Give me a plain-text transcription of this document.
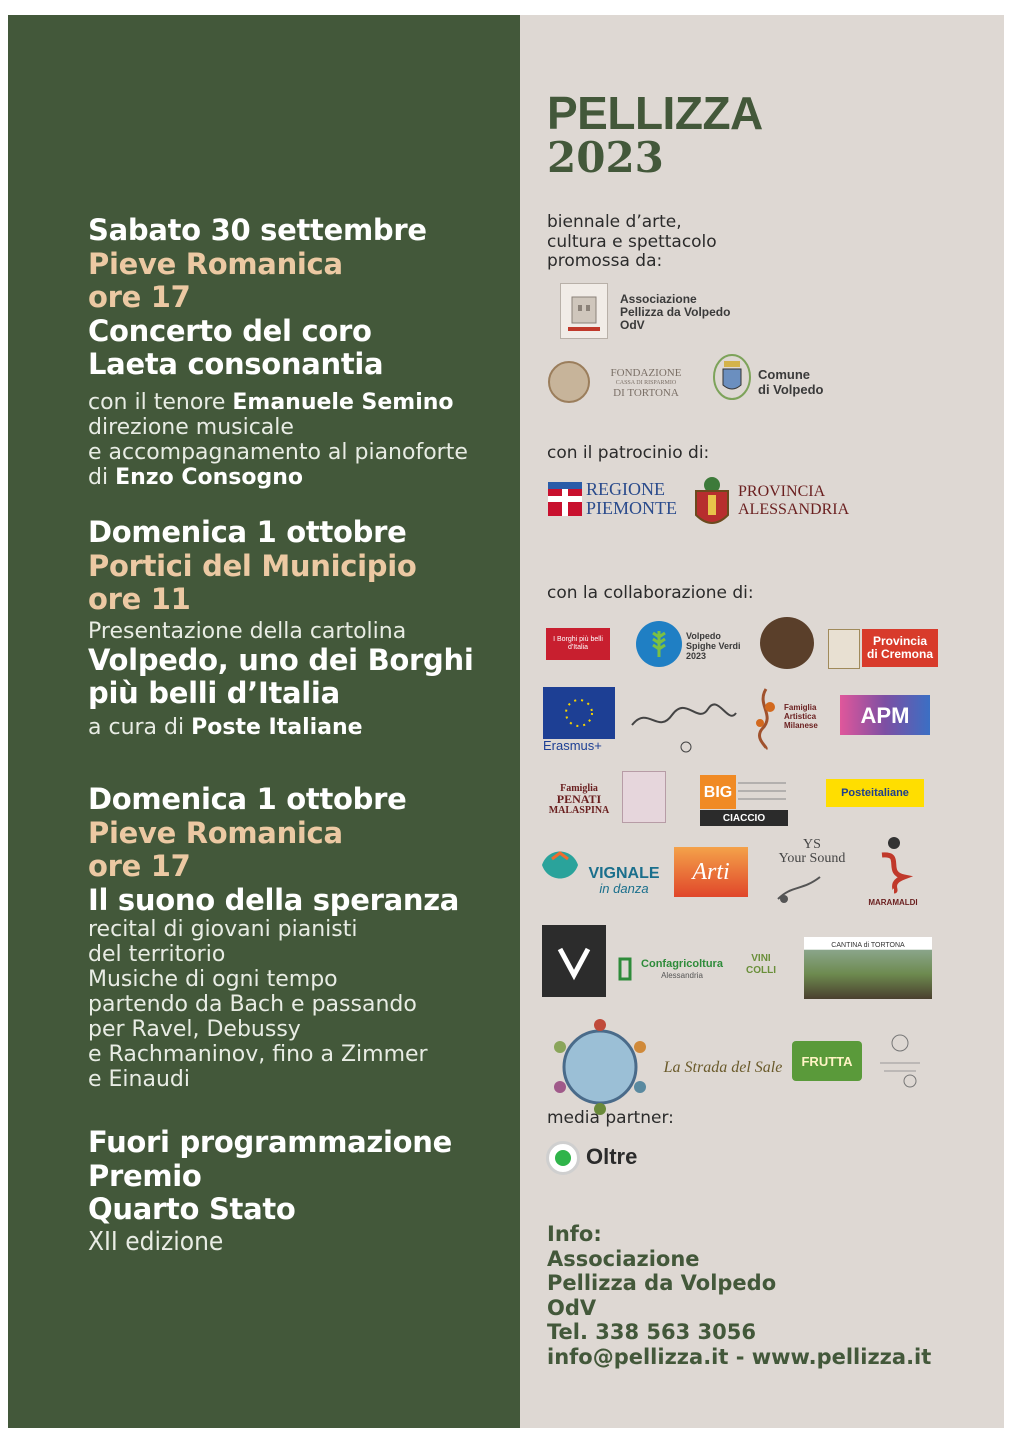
Sabato 30 settembre
Pieve Romanica
ore 17
Concerto del coro
Laeta consonantia
con il tenore Emanuele Semino
direzione musicale
e accompagnamento al pianoforte
di Enzo Consogno
Domenica 1 ottobre
Portici del Municipio
ore 11
Presentazione della cartolina
Volpedo, uno dei Borghi
più belli d’Italia
a cura di Poste Italiane
Domenica 1 ottobre
Pieve Romanica
ore 17
Il suono della speranza
recital di giovani pianisti
del territorio
Musiche di ogni tempo
partendo da Bach e passando
per Ravel, Debussy
e Rachmaninov, fino a Zimmer
e Einaudi
Fuori programmazione
Premio
Quarto Stato
XII edizione
PELLIZZA
2023
biennale d’arte,
cultura e spettacolo
promossa da:
Associazione
Pellizza da Volpedo
OdV
FONDAZIONE
CASSA DI RISPARMIO
DI TORTONA
Comune
di Volpedo
con il patrocinio di:
REGIONE
PIEMONTE
PROVINCIA
ALESSANDRIA
con la collaborazione di:
I Borghi più belli d'Italia
Volpedo
Spighe Verdi
2023
Provincia
di Cremona
Erasmus+
Famiglia
Artistica
Milanese APM
Famiglia
PENATI
MALASPINA
BIG
CIACCIO
Posteitaliane
VIGNALE
in danza
Arti
YS
Your Sound
MARAMALDI
Confagricoltura
Alessandria
VINI
COLLI
CANTINA di TORTONA
La Strada del Sale FRUTTA
media partner:
Oltre
Info:
Associazione
Pellizza da Volpedo
OdV
Tel. 338 563 3056
info@pellizza.it - www.pellizza.it
